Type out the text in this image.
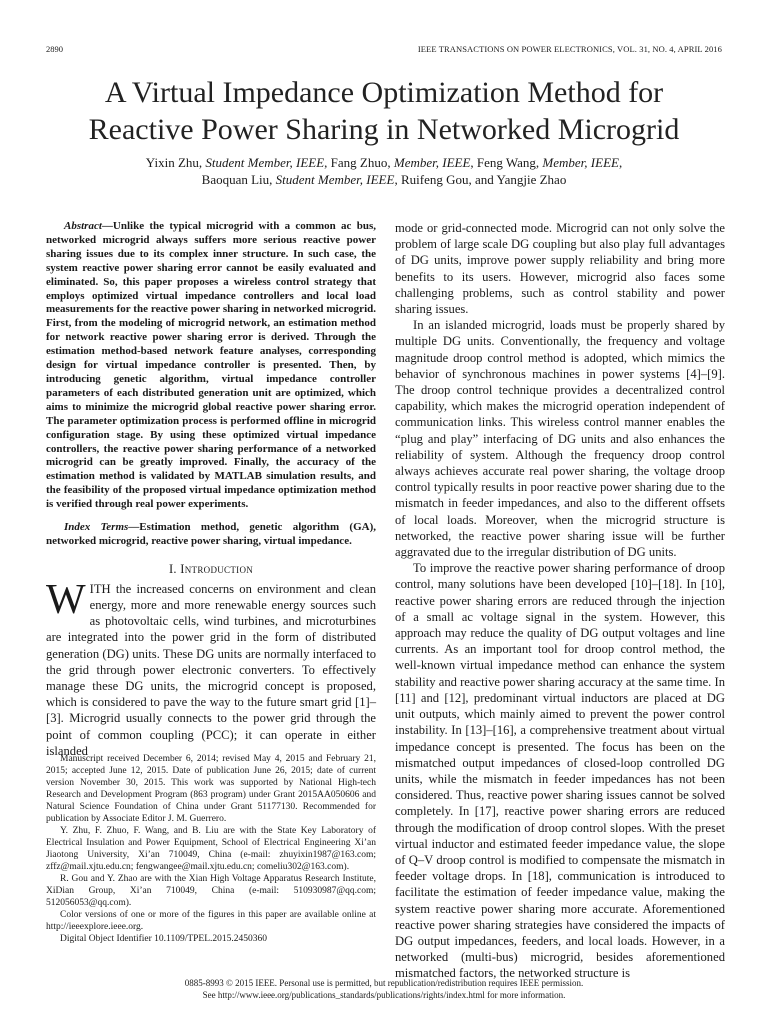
2890	IEEE TRANSACTIONS ON POWER ELECTRONICS, VOL. 31, NO. 4, APRIL 2016
A Virtual Impedance Optimization Method for
Reactive Power Sharing in Networked Microgrid
Yixin Zhu, Student Member, IEEE, Fang Zhuo, Member, IEEE, Feng Wang, Member, IEEE,
Baoquan Liu, Student Member, IEEE, Ruifeng Gou, and Yangjie Zhao

Abstract—Unlike the typical microgrid with a common ac bus, networked microgrid always suffers more serious reactive power sharing issues due to its complex inner structure. In such case, the system reactive power sharing error cannot be easily evaluated and eliminated. So, this paper proposes a wireless control strategy that employs optimized virtual impedance controllers and local load measurements for the reactive power sharing in networked microgrid. First, from the modeling of microgrid network, an estimation method for network reactive power sharing error is derived. Through the estimation method-based network feature analyses, corresponding design for virtual impedance controller is presented. Then, by introducing genetic algorithm, virtual impedance controller parameters of each distributed generation unit are optimized, which aims to minimize the microgrid global reactive power sharing error. The parameter optimization process is performed offline in microgrid configuration stage. By using these optimized virtual impedance controllers, the reactive power sharing performance of a networked microgrid can be greatly improved. Finally, the accuracy of the estimation method is validated by MATLAB simulation results, and the feasibility of the proposed virtual impedance optimization method is verified through real power experiments.

Index Terms—Estimation method, genetic algorithm (GA), networked microgrid, reactive power sharing, virtual impedance.

I. Introduction

WITH the increased concerns on environment and clean energy, more and more renewable energy sources such as photovoltaic cells, wind turbines, and microturbines are integrated into the power grid in the form of distributed generation (DG) units. These DG units are normally interfaced to the grid through power electronic converters. To effectively manage these DG units, the microgrid concept is proposed, which is considered to pave the way to the future smart grid [1]–[3]. Microgrid usually connects to the power grid through the point of common coupling (PCC); it can operate in either islanded

Manuscript received December 6, 2014; revised May 4, 2015 and February 21, 2015; accepted June 12, 2015. Date of publication June 26, 2015; date of current version November 30, 2015. This work was supported by National High-tech Research and Development Program (863 program) under Grant 2015AA050606 and Natural Science Foundation of China under Grant 51177130. Recommended for publication by Associate Editor J. M. Guerrero.

Y. Zhu, F. Zhuo, F. Wang, and B. Liu are with the State Key Laboratory of Electrical Insulation and Power Equipment, School of Electrical Engineering Xi’an Jiaotong University, Xi’an 710049, China (e-mail: zhuyixin1987@163.com; zffz@mail.xjtu.edu.cn; fengwangee@mail.xjtu.edu.cn; comeliu302@163.com).

R. Gou and Y. Zhao are with the Xian High Voltage Apparatus Research Institute, XiDian Group, Xi’an 710049, China (e-mail: 510930987@qq.com; 512056053@qq.com).

Color versions of one or more of the figures in this paper are available online at http://ieeexplore.ieee.org.

Digital Object Identifier 10.1109/TPEL.2015.2450360

mode or grid-connected mode. Microgrid can not only solve the problem of large scale DG coupling but also play full advantages of DG units, improve power supply reliability and bring more benefits to its users. However, microgrid also faces some challenging problems, such as control stability and power sharing issues.

In an islanded microgrid, loads must be properly shared by multiple DG units. Conventionally, the frequency and voltage magnitude droop control method is adopted, which mimics the behavior of synchronous machines in power systems [4]–[9]. The droop control technique provides a decentralized control capability, which makes the microgrid operation independent of communication links. This wireless control manner enables the “plug and play” interfacing of DG units and also enhances the reliability of system. Although the frequency droop control always achieves accurate real power sharing, the voltage droop control typically results in poor reactive power sharing due to the mismatch in feeder impedances, and also to the different offsets of local loads. Moreover, when the microgrid structure is networked, the reactive power sharing issue will be further aggravated due to the irregular distribution of DG units.

To improve the reactive power sharing performance of droop control, many solutions have been developed [10]–[18]. In [10], reactive power sharing errors are reduced through the injection of a small ac voltage signal in the system. However, this approach may reduce the quality of DG output voltages and line currents. As an important tool for droop control method, the well-known virtual impedance method can enhance the system stability and reactive power sharing accuracy at the same time. In [11] and [12], predominant virtual inductors are placed at DG unit outputs, which mainly aimed to prevent the power control instability. In [13]–[16], a comprehensive treatment about virtual impedance concept is presented. The focus has been on the mismatched output impedances of closed-loop controlled DG units, while the mismatch in feeder impedances has not been considered. Thus, reactive power sharing issues cannot be solved completely. In [17], reactive power sharing errors are reduced through the modification of droop control slopes. With the preset virtual inductor and estimated feeder impedance value, the slope of Q–V droop control is modified to compensate the mismatch in feeder voltage drops. In [18], communication is introduced to facilitate the estimation of feeder impedance value, making the system reactive power sharing more accurate. Aforementioned reactive power sharing strategies have considered the impacts of DG output impedances, feeders, and local loads. However, in a networked (multi-bus) microgrid, besides aforementioned mismatched factors, the networked structure is

0885-8993 © 2015 IEEE. Personal use is permitted, but republication/redistribution requires IEEE permission.
See http://www.ieee.org/publications_standards/publications/rights/index.html for more information.
